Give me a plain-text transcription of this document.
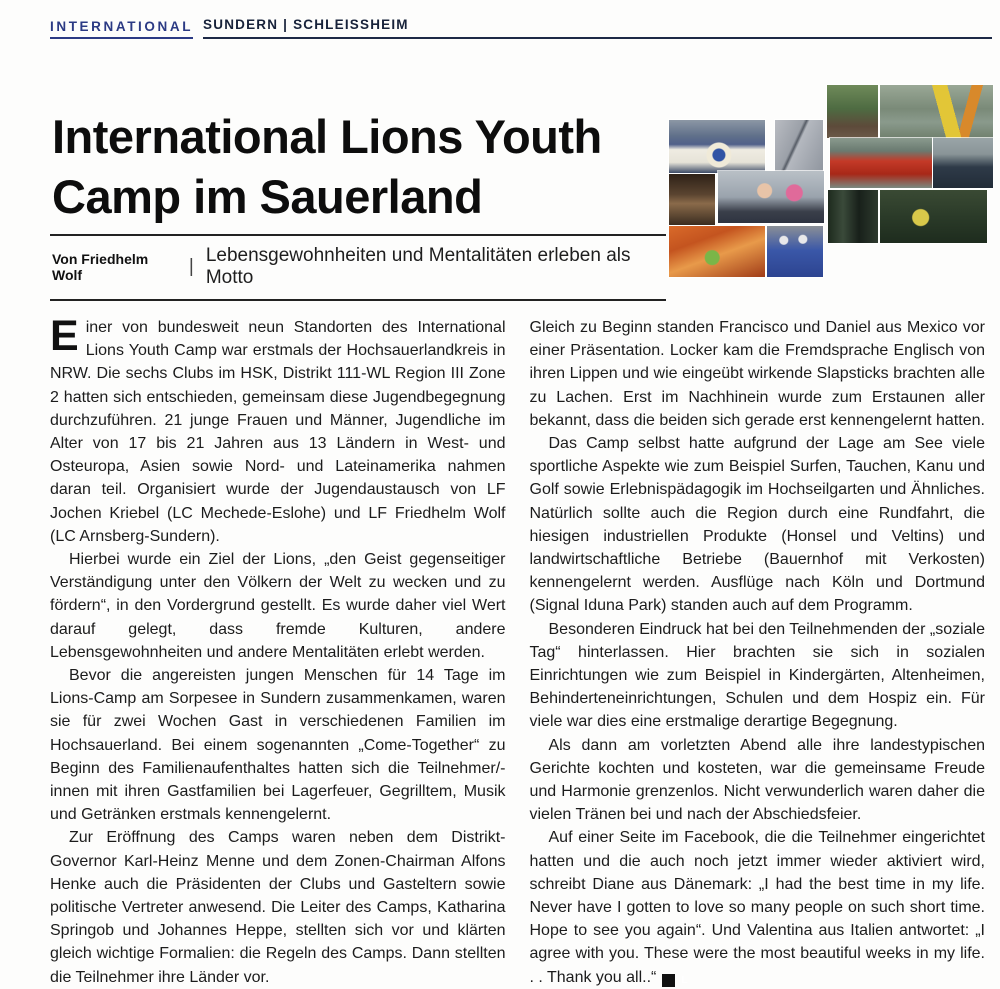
INTERNATIONAL SUNDERN | SCHLEISSHEIM
International Lions Youth
Camp im Sauerland
Von Friedhelm Wolf	|
Lebensgewohnheiten und Mentalitäten erleben als Motto

Einer von bundesweit neun Standorten des International Lions Youth Camp war erstmals der Hochsauerlandkreis in NRW. Die sechs Clubs im HSK, Distrikt 111-WL Region III Zone 2 hatten sich entschieden, gemeinsam diese Jugendbegegnung durchzuführen. 21 junge Frauen und Männer, Jugendliche im Alter von 17 bis 21 Jahren aus 13 Ländern in West- und Osteuropa, Asien sowie Nord- und Lateinamerika nahmen daran teil. Organisiert wurde der Jugendaustausch von LF Jochen Kriebel (LC Mechede-Eslohe) und LF Friedhelm Wolf (LC Arnsberg-Sundern).

Hierbei wurde ein Ziel der Lions, „den Geist gegenseitiger Verständigung unter den Völkern der Welt zu wecken und zu fördern“, in den Vordergrund gestellt. Es wurde daher viel Wert darauf gelegt, dass fremde Kulturen, andere Lebensgewohnheiten und andere Mentalitäten erlebt werden.

Bevor die angereisten jungen Menschen für 14 Tage im Lions-Camp am Sorpesee in Sundern zusammenkamen, waren sie für zwei Wochen Gast in verschiedenen Familien im Hochsauerland. Bei einem sogenannten „Come-Together“ zu Beginn des Familienaufenthaltes hatten sich die Teilnehmer/-innen mit ihren Gastfamilien bei Lagerfeuer, Gegrilltem, Musik und Getränken erstmals kennengelernt.

Zur Eröffnung des Camps waren neben dem Distrikt-Governor Karl-Heinz Menne und dem Zonen-Chairman Alfons Henke auch die Präsidenten der Clubs und Gasteltern sowie politische Vertreter anwesend. Die Leiter des Camps, Katharina Springob und Johannes Heppe, stellten sich vor und klärten gleich wichtige Formalien: die Regeln des Camps. Dann stellten die Teilnehmer ihre Länder vor.

Gleich zu Beginn standen Francisco und Daniel aus Mexico vor einer Präsentation. Locker kam die Fremdsprache Englisch von ihren Lippen und wie eingeübt wirkende Slapsticks brachten alle zu Lachen. Erst im Nachhinein wurde zum Erstaunen aller bekannt, dass die beiden sich gerade erst kennengelernt hatten.

Das Camp selbst hatte aufgrund der Lage am See viele sportliche Aspekte wie zum Beispiel Surfen, Tauchen, Kanu und Golf sowie Erlebnispädagogik im Hochseilgarten und Ähnliches. Natürlich sollte auch die Region durch eine Rundfahrt, die hiesigen industriellen Produkte (Honsel und Veltins) und landwirtschaftliche Betriebe (Bauernhof mit Verkosten) kennengelernt werden. Ausflüge nach Köln und Dortmund (Signal Iduna Park) standen auch auf dem Programm.

Besonderen Eindruck hat bei den Teilnehmenden der „soziale Tag“ hinterlassen. Hier brachten sie sich in sozialen Einrichtungen wie zum Beispiel in Kindergärten, Altenheimen, Behinderteneinrichtungen, Schulen und dem Hospiz ein. Für viele war dies eine erstmalige derartige Begegnung.

Als dann am vorletzten Abend alle ihre landestypischen Gerichte kochten und kosteten, war die gemeinsame Freude und Harmonie grenzenlos. Nicht verwunderlich waren daher die vielen Tränen bei und nach der Abschiedsfeier.

Auf einer Seite im Facebook, die die Teilnehmer eingerichtet hatten und die auch noch jetzt immer wieder aktiviert wird, schreibt Diane aus Dänemark: „I had the best time in my life. Never have I gotten to love so many people on such short time. Hope to see you again“. Und Valentina aus Italien antwortet: „I agree with you. These were the most beautiful weeks in my life. . . Thank you all..“	L
